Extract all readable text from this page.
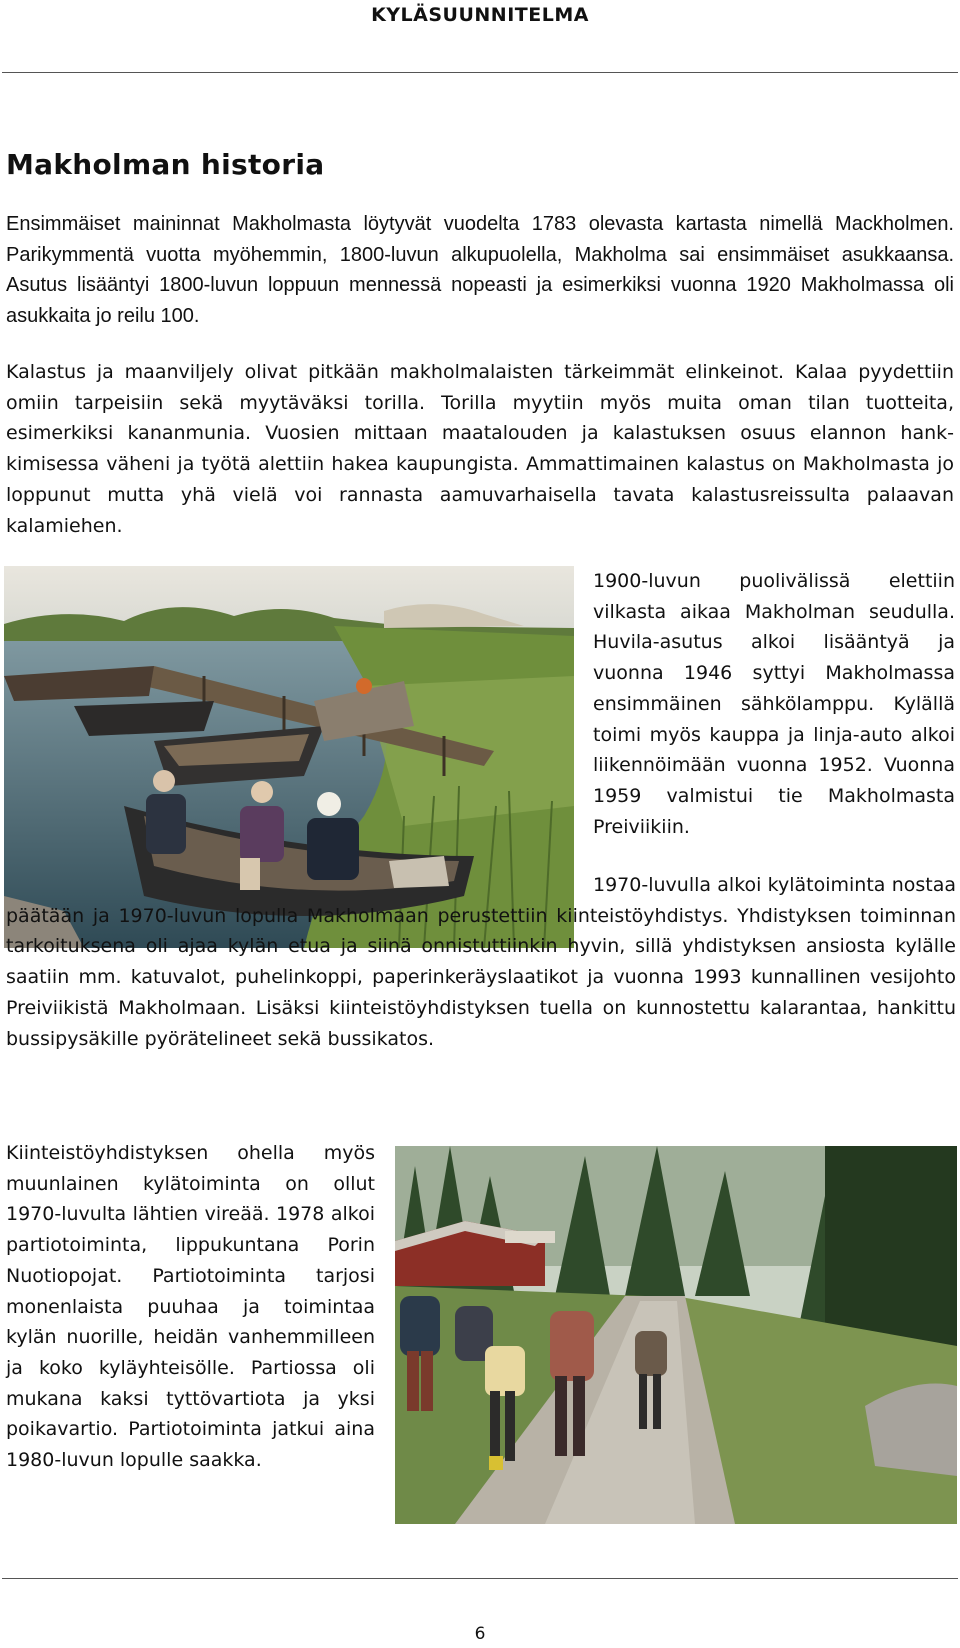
KYLÄSUUNNITELMA
Makholman historia

Ensimmäiset maininnat Makholmasta löytyvät vuodelta 1783 olevasta kartasta nimellä Mackholmen. Parikymmentä vuotta myöhemmin, 1800-luvun alkupuolella, Makholma sai ensimmäiset asukkaansa. Asutus lisääntyi 1800-luvun loppuun mennessä nopeasti ja esimerkiksi vuonna 1920 Makholmassa oli asukkaita jo reilu 100.

Kalastus ja maanviljely olivat pitkään makholmalaisten tärkeimmät elinkeinot. Kalaa pyydettiin omiin tarpeisiin sekä myytäväksi torilla. Torilla myytiin myös muita oman tilan tuotteita, esimerkiksi kananmunia. Vuosien mittaan maatalouden ja kalastuksen osuus elannon hankkimisessa väheni ja työtä alettiin hakea kaupungista. Ammattimainen kalastus on Makholmasta jo loppunut mutta yhä vielä voi rannasta aamuvarhaisella tavata kalastusreissulta palaavan kalamiehen.

1900-luvun puolivälissä elettiin vilkasta aikaa Makholman seudulla. Huvila-asutus alkoi lisääntyä ja vuonna 1946 syttyi Makholmassa ensimmäinen sähkölamppu. Kylällä toimi myös kauppa ja linja-auto alkoi liikennöimään vuonna 1952. Vuonna 1959 valmistui tie Makholmasta Preiviikiin.

1970-luvulla alkoi kylätoiminta nostaa päätään ja 1970-luvun lopulla Makholmaan perustettiin kiinteistöyhdistys. Yhdistyksen toiminnan tarkoituksena oli ajaa kylän etua ja siinä onnistuttiinkin hyvin, sillä yhdistyksen ansiosta kylälle saatiin mm. katuvalot, puhelinkoppi, paperinkeräyslaatikot ja vuonna 1993 kunnallinen vesijohto Preiviikistä Makholmaan. Lisäksi kiinteistöyhdistyksen tuella on kunnostettu kalarantaa, hankittu bussipysäkille pyörätelineet sekä bussikatos.

Kiinteistöyhdistyksen ohella myös muunlainen kylätoiminta on ollut 1970-luvulta lähtien vireää. 1978 alkoi partiotoiminta, lippukuntana Porin Nuotiopojat. Partiotoiminta tarjosi monenlaista puuhaa ja toimintaa kylän nuorille, heidän vanhemmilleen ja koko kyläyhteisölle. Partiossa oli mukana kaksi tyttövartiota ja yksi poikavartio. Partiotoiminta jatkui aina 1980-luvun lopulle saakka.

6
